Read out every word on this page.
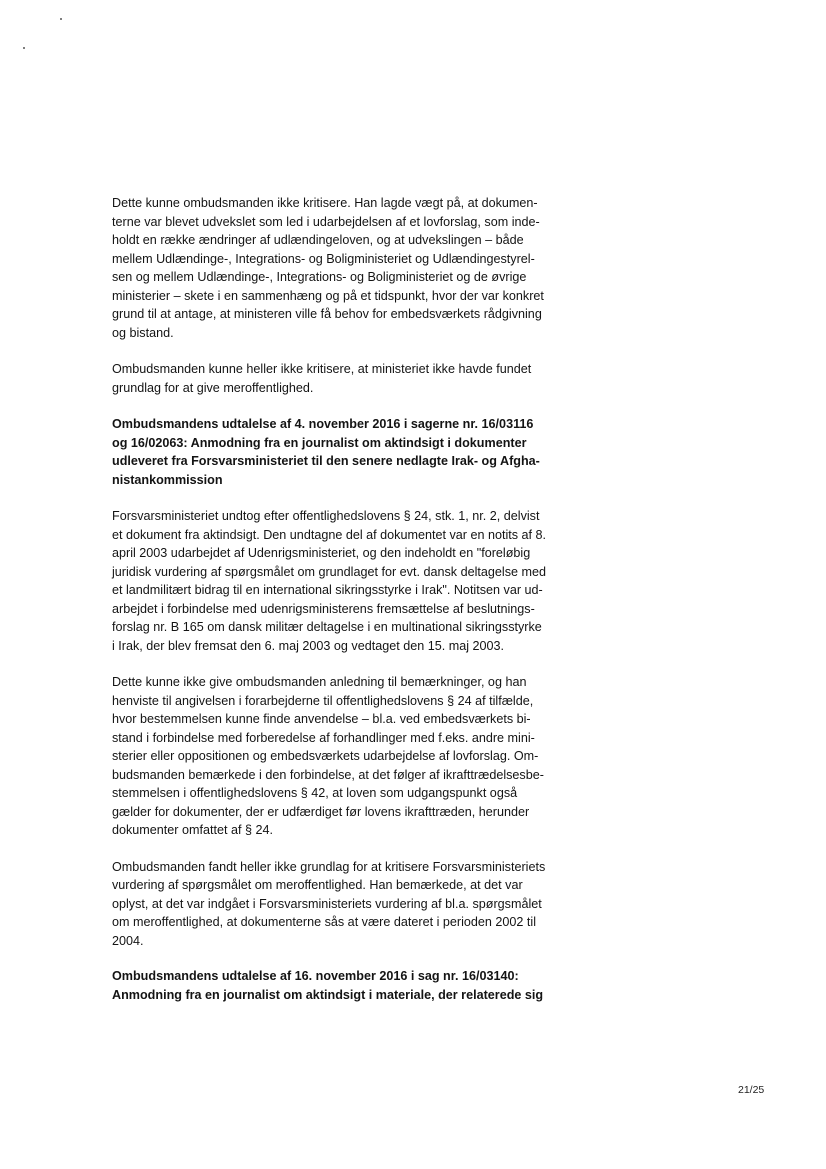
Dette kunne ombudsmanden ikke kritisere. Han lagde vægt på, at dokumen-
terne var blevet udvekslet som led i udarbejdelsen af et lovforslag, som inde-
holdt en række ændringer af udlændingeloven, og at udvekslingen – både
mellem Udlændinge-, Integrations- og Boligministeriet og Udlændingestyrel-
sen og mellem Udlændinge-, Integrations- og Boligministeriet og de øvrige
ministerier – skete i en sammenhæng og på et tidspunkt, hvor der var konkret
grund til at antage, at ministeren ville få behov for embedsværkets rådgivning
og bistand.

Ombudsmanden kunne heller ikke kritisere, at ministeriet ikke havde fundet
grundlag for at give meroffentlighed.

Ombudsmandens udtalelse af 4. november 2016 i sagerne nr. 16/03116
og 16/02063: Anmodning fra en journalist om aktindsigt i dokumenter
udleveret fra Forsvarsministeriet til den senere nedlagte Irak- og Afgha-
nistankommission

Forsvarsministeriet undtog efter offentlighedslovens § 24, stk. 1, nr. 2, delvist
et dokument fra aktindsigt. Den undtagne del af dokumentet var en notits af 8.
april 2003 udarbejdet af Udenrigsministeriet, og den indeholdt en "foreløbig
juridisk vurdering af spørgsmålet om grundlaget for evt. dansk deltagelse med
et landmilitært bidrag til en international sikringsstyrke i Irak". Notitsen var ud-
arbejdet i forbindelse med udenrigsministerens fremsættelse af beslutnings-
forslag nr. B 165 om dansk militær deltagelse i en multinational sikringsstyrke
i Irak, der blev fremsat den 6. maj 2003 og vedtaget den 15. maj 2003.

Dette kunne ikke give ombudsmanden anledning til bemærkninger, og han
henviste til angivelsen i forarbejderne til offentlighedslovens § 24 af tilfælde,
hvor bestemmelsen kunne finde anvendelse – bl.a. ved embedsværkets bi-
stand i forbindelse med forberedelse af forhandlinger med f.eks. andre mini-
sterier eller oppositionen og embedsværkets udarbejdelse af lovforslag. Om-
budsmanden bemærkede i den forbindelse, at det følger af ikrafttrædelsesbe-
stemmelsen i offentlighedslovens § 42, at loven som udgangspunkt også
gælder for dokumenter, der er udfærdiget før lovens ikrafttræden, herunder
dokumenter omfattet af § 24.

Ombudsmanden fandt heller ikke grundlag for at kritisere Forsvarsministeriets
vurdering af spørgsmålet om meroffentlighed. Han bemærkede, at det var
oplyst, at det var indgået i Forsvarsministeriets vurdering af bl.a. spørgsmålet
om meroffentlighed, at dokumenterne sås at være dateret i perioden 2002 til
2004.

Ombudsmandens udtalelse af 16. november 2016 i sag nr. 16/03140:
Anmodning fra en journalist om aktindsigt i materiale, der relaterede sig

21/25
